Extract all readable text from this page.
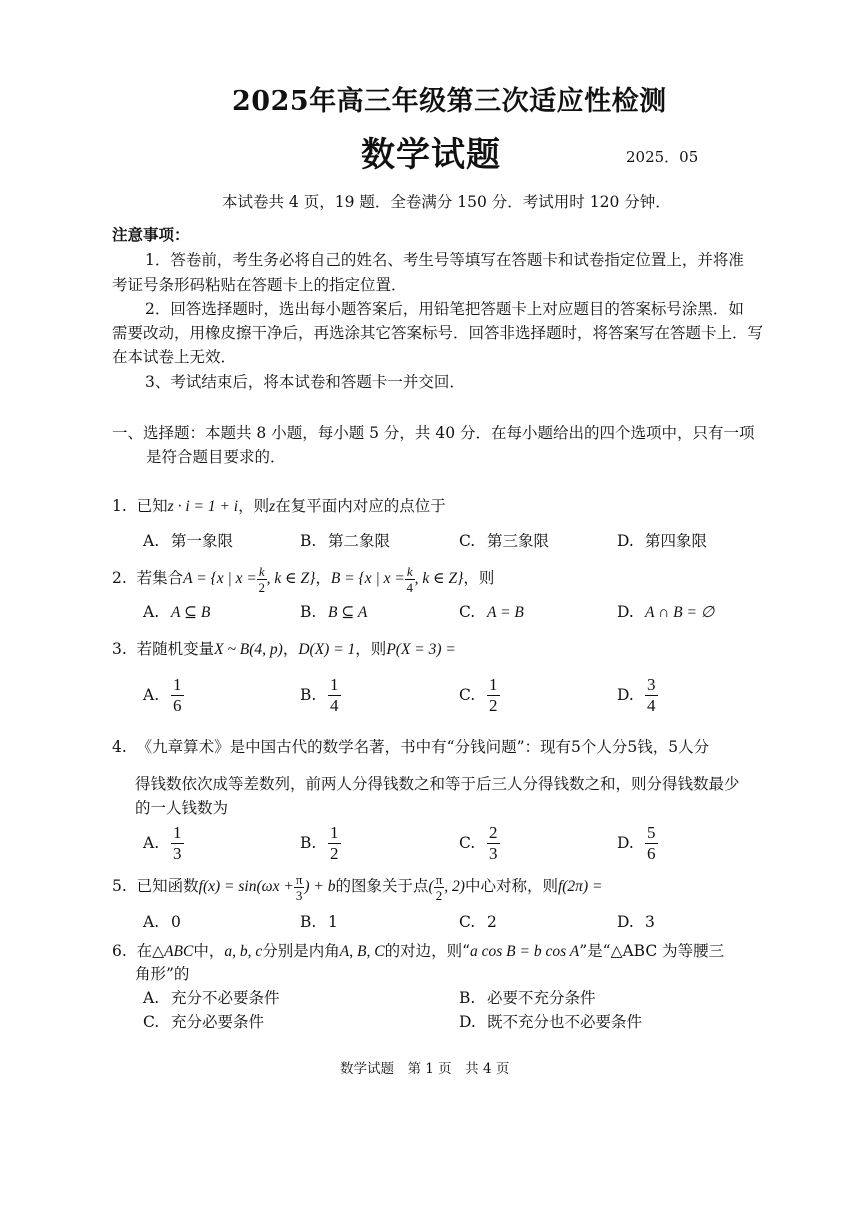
2025年高三年级第三次适应性检测
数学试题	2025．05
本试卷共 4 页，19 题．全卷满分 150 分．考试用时 120 分钟．
注意事项：
1．答卷前，考生务必将自己的姓名、考生号等填写在答题卡和试卷指定位置上，并将准
考证号条形码粘贴在答题卡上的指定位置．
2．回答选择题时，选出每小题答案后，用铅笔把答题卡上对应题目的答案标号涂黑．如
需要改动，用橡皮擦干净后，再选涂其它答案标号．回答非选择题时，将答案写在答题卡上．写
在本试卷上无效．
3、考试结束后，将本试卷和答题卡一并交回．
一、选择题：本题共 8 小题，每小题 5 分，共 40 分．在每小题给出的四个选项中，只有一项
是符合题目要求的．
1. 已知z · i = 1 + i，则z在复平面内对应的点位于
A. 第一象限	B. 第二象限	C. 第三象限	D. 第四象限
2. 若集合A = {x | $x = \frac{k}{2}$ , k ∈ Z}，B = {x | $x = \frac{k}{4}$ , k ∈ Z}，则
A. A ⊆ B	B. B ⊆ A	C. A = B	D. A ∩ B = ∅
3. 若随机变量X ~ B(4, p)，D(X) = 1，则P(X = 3) =
A. $\frac{1}{6}$	B. $\frac{1}{4}$	C. $\frac{1}{2}$	D. $\frac{3}{4}$
4. 《九章算术》是中国古代的数学名著，书中有“分钱问题”：现有5个人分5钱，5人分
得钱数依次成等差数列，前两人分得钱数之和等于后三人分得钱数之和，则分得钱数最少
的一人钱数为
A. $\frac{1}{3}$	B. $\frac{1}{2}$	C. $\frac{2}{3}$	D. $\frac{5}{6}$
5. 已知函数$f(x) = \sin(\omega x + \frac{\pi}{3}$ ) + b的图象关于点( $\frac{\pi}{2}$ , 2)中心对称，则f(2π) =
A. 0	B. 1	C. 2	D. 3
6. 在△ABC中，a, b, c分别是内角A, B, C的对边，则“a cos B = b cos A”是“△ABC 为等腰三
角形”的
A. 充分不必要条件	B. 必要不充分条件
C. 充分必要条件	D. 既不充分也不必要条件
数学试题　第 1 页　共 4 页
